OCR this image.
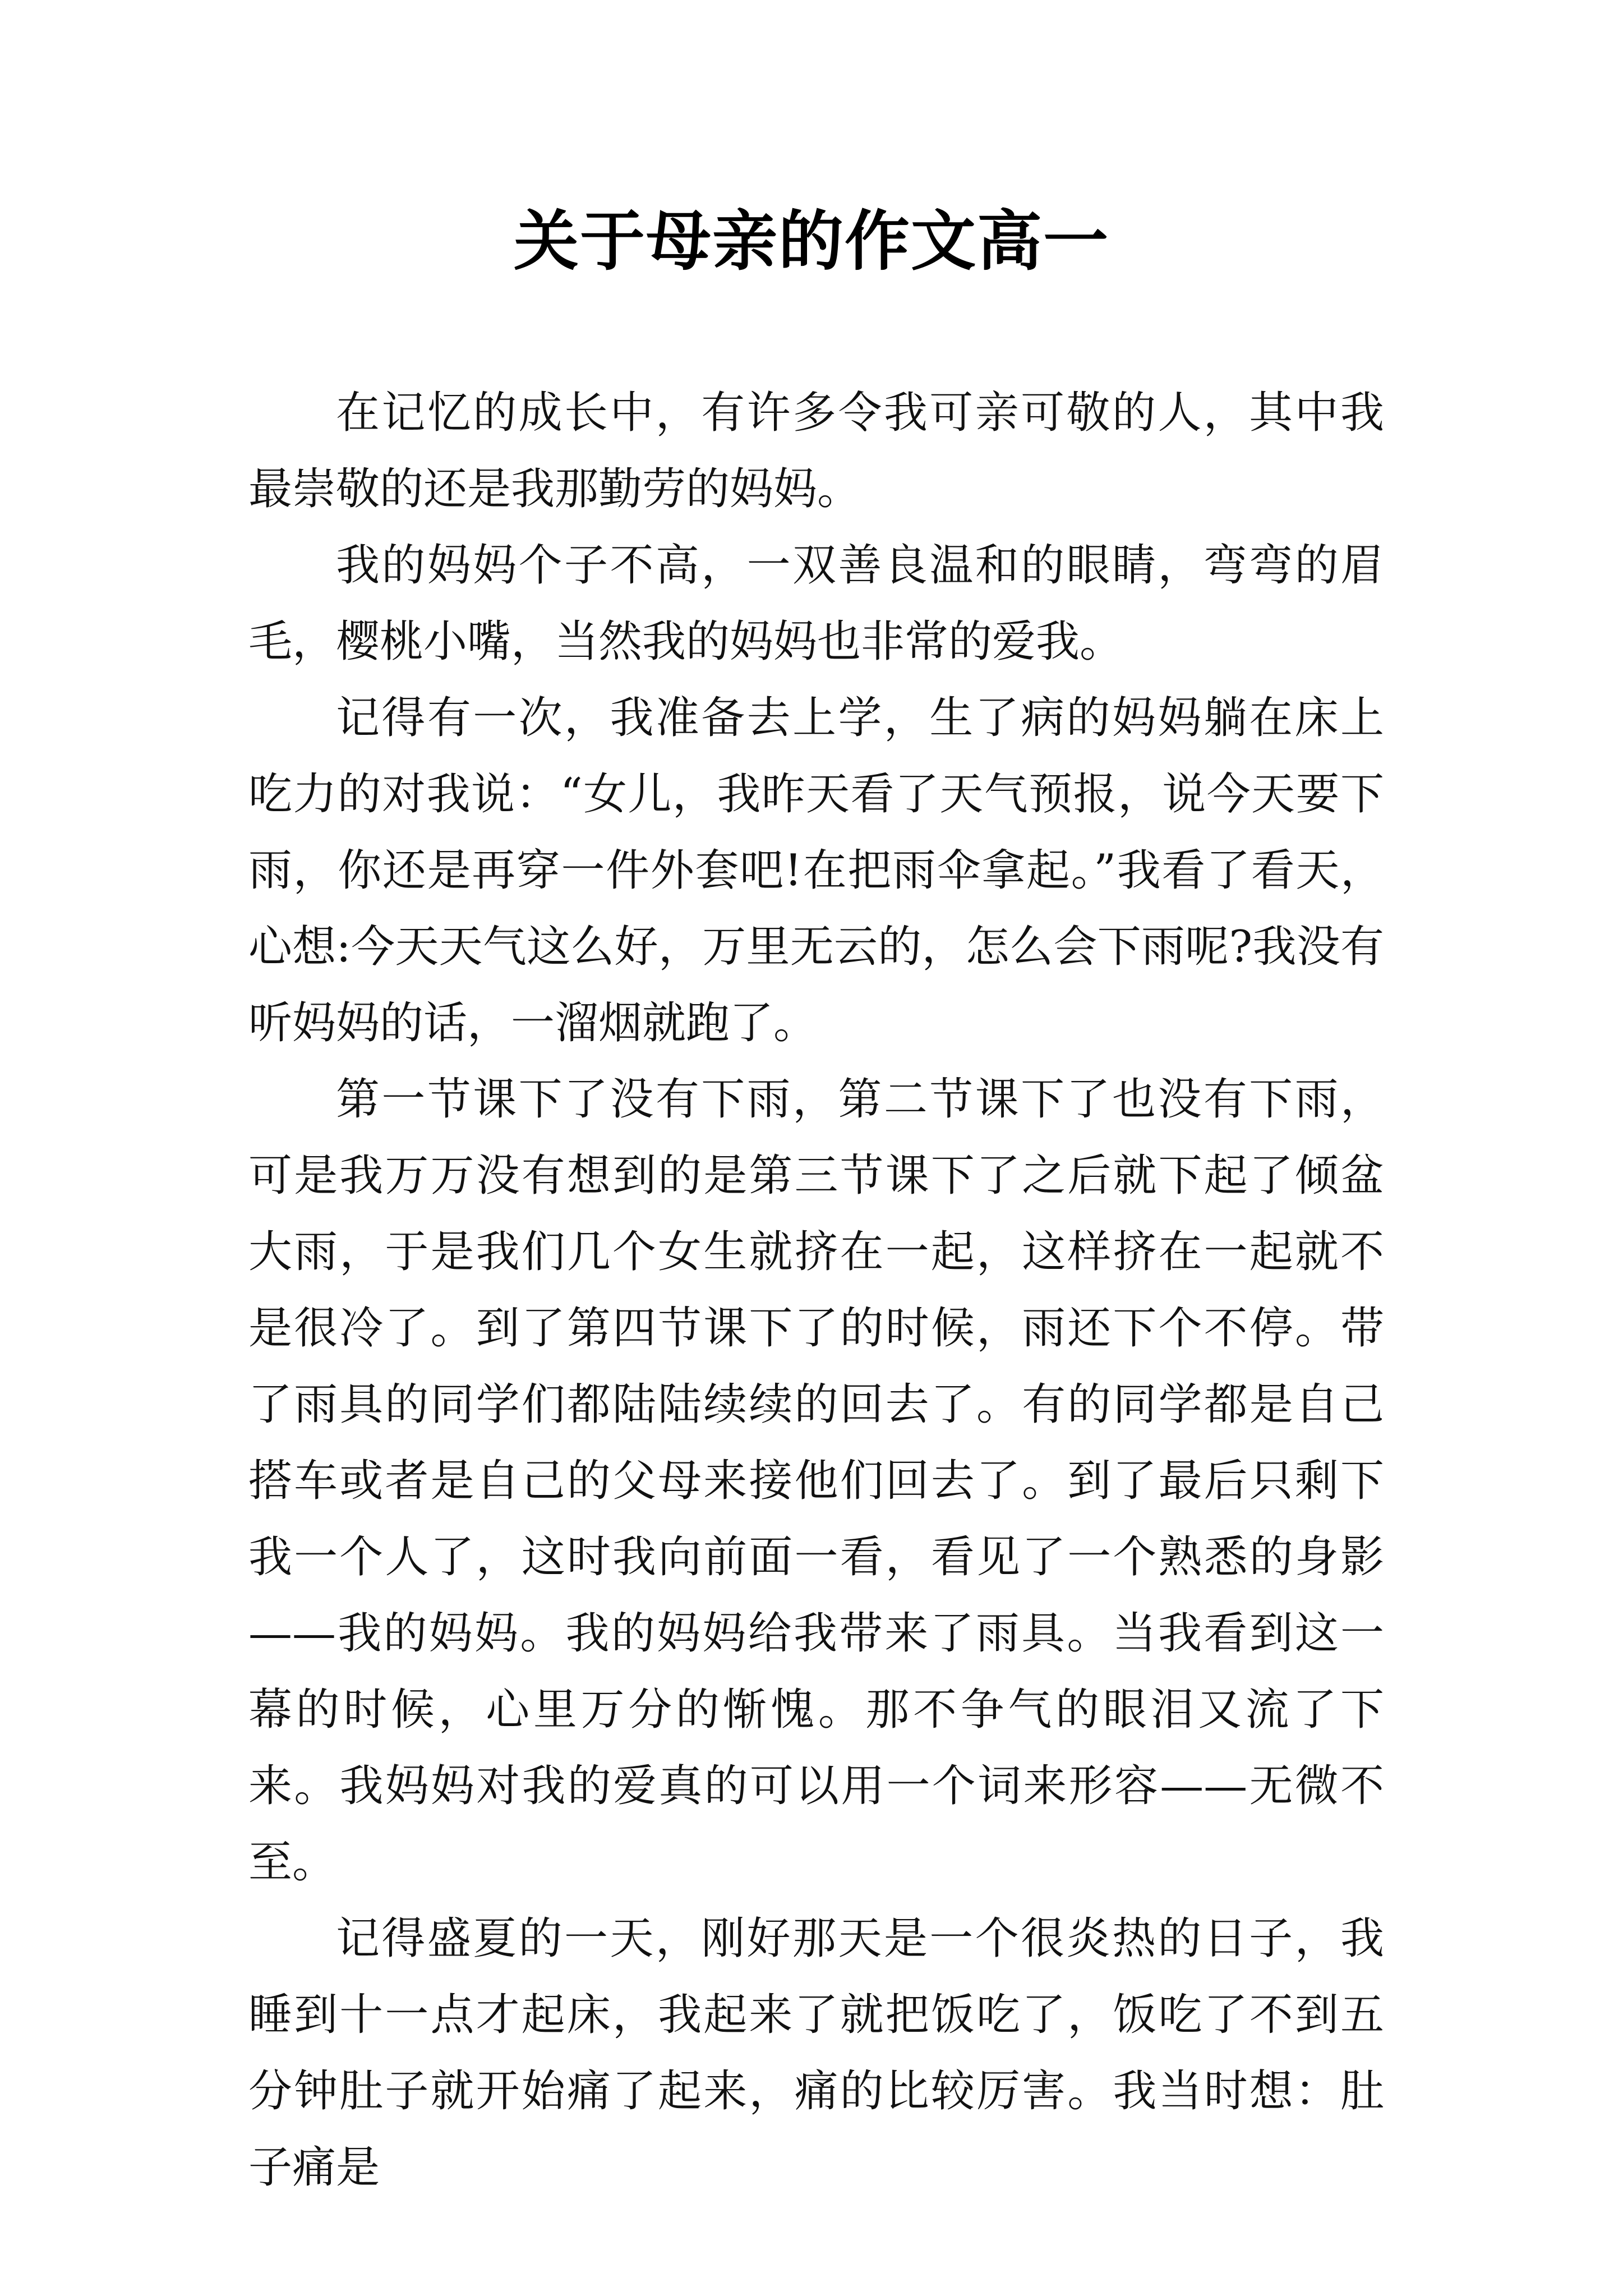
关于母亲的作文高一

在记忆的成长中，有许多令我可亲可敬的人，其中我最崇敬的还是我那勤劳的妈妈。

我的妈妈个子不高，一双善良温和的眼睛，弯弯的眉毛，樱桃小嘴，当然我的妈妈也非常的爱我。

记得有一次，我准备去上学，生了病的妈妈躺在床上吃力的对我说：“女儿，我昨天看了天气预报，说今天要下雨，你还是再穿一件外套吧!在把雨伞拿起。”我看了看天，心想:今天天气这么好，万里无云的，怎么会下雨呢?我没有听妈妈的话，一溜烟就跑了。

第一节课下了没有下雨，第二节课下了也没有下雨，可是我万万没有想到的是第三节课下了之后就下起了倾盆大雨，于是我们几个女生就挤在一起，这样挤在一起就不是很冷了。到了第四节课下了的时候，雨还下个不停。带了雨具的同学们都陆陆续续的回去了。有的同学都是自己搭车或者是自己的父母来接他们回去了。到了最后只剩下我一个人了，这时我向前面一看，看见了一个熟悉的身影——我的妈妈。我的妈妈给我带来了雨具。当我看到这一幕的时候，心里万分的惭愧。那不争气的眼泪又流了下来。我妈妈对我的爱真的可以用一个词来形容——无微不至。

记得盛夏的一天，刚好那天是一个很炎热的日子，我睡到十一点才起床，我起来了就把饭吃了，饭吃了不到五分钟肚子就开始痛了起来，痛的比较厉害。我当时想：肚子痛是
